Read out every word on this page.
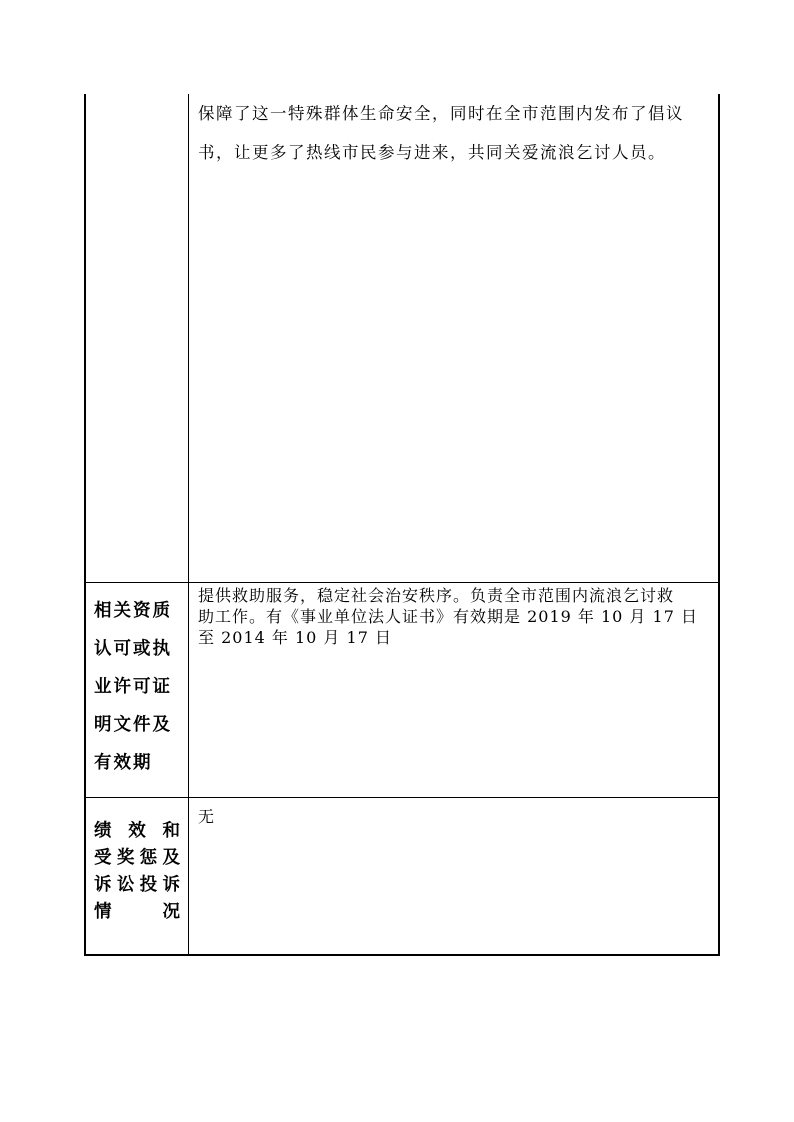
保障了这一特殊群体生命安全，同时在全市范围内发布了倡议

书，让更多了热线市民参与进来，共同关爱流浪乞讨人员。

相关资质

认可或执

业许可证

明文件及

有效期

提供救助服务，稳定社会治安秩序。负责全市范围内流浪乞讨救

助工作。有《事业单位法人证书》有效期是 2019 年 10 月 17 日

至 2014 年 10 月 17 日

绩效和

受奖惩及

诉讼投诉

情况

无
